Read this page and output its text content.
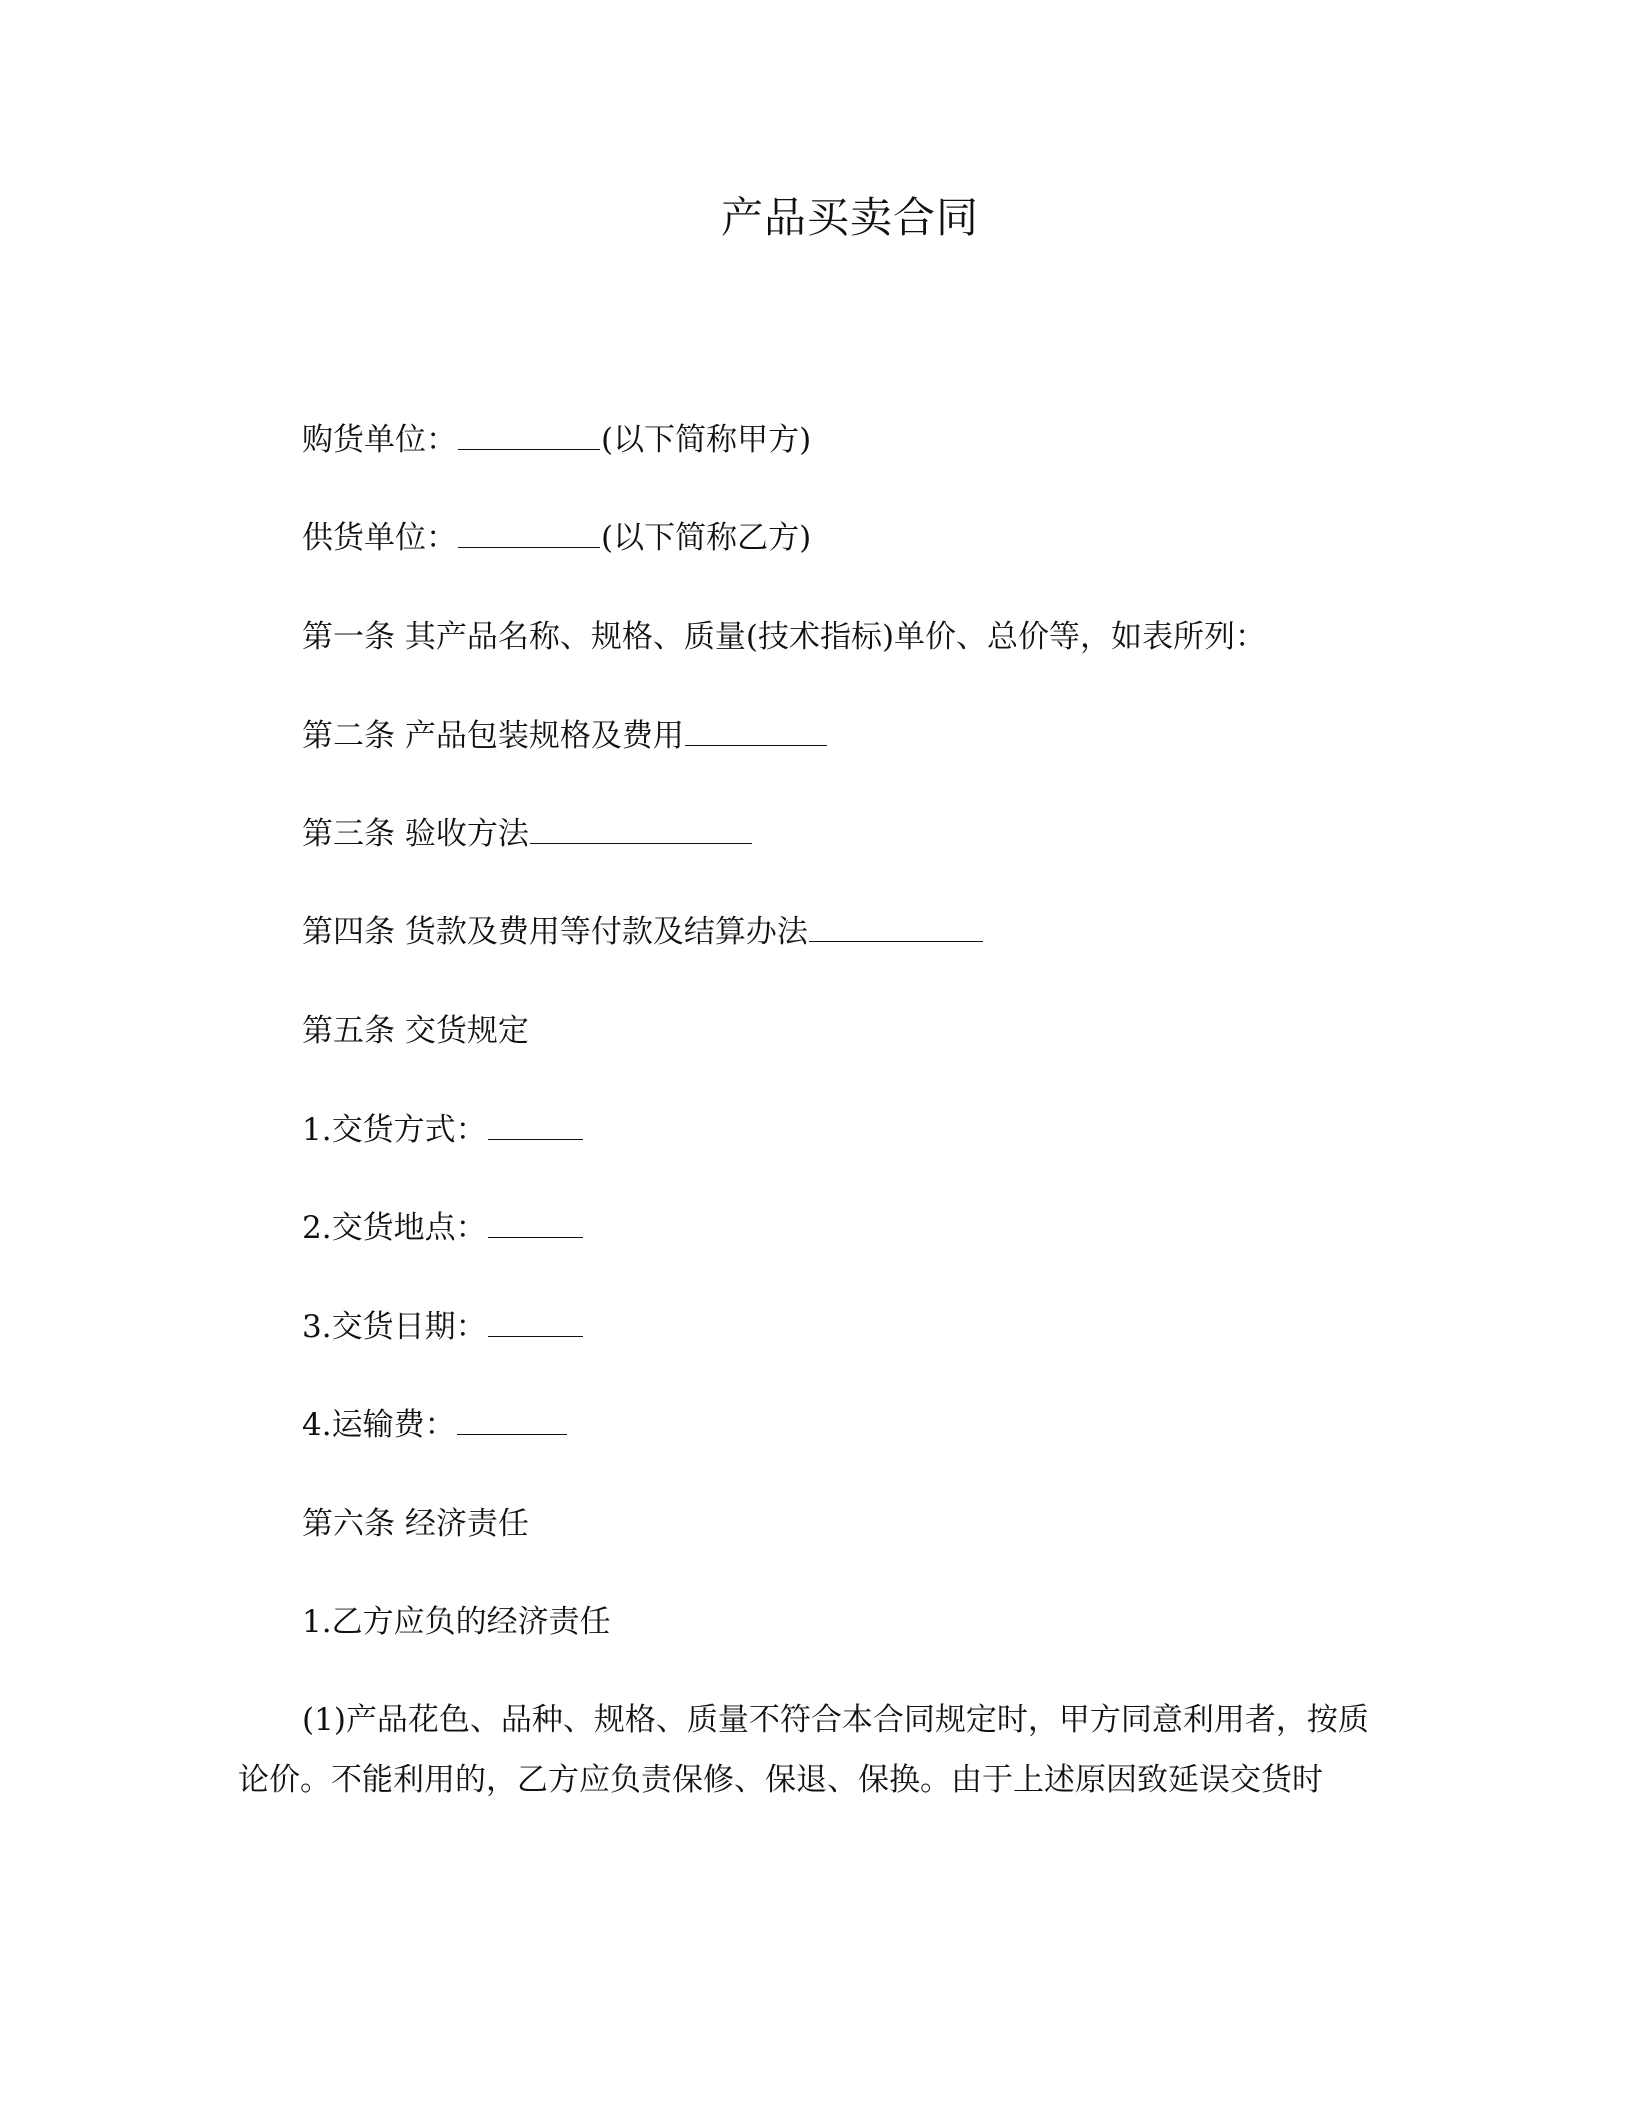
产品买卖合同
购货单位：	(以下简称甲方)
供货单位：	(以下简称乙方)
第一条 其产品名称、规格、质量(技术指标)单价、总价等，如表所列：
第二条 产品包装规格及费用
第三条 验收方法
第四条 货款及费用等付款及结算办法
第五条 交货规定
1.交货方式：
2.交货地点：
3.交货日期：
4.运输费：
第六条 经济责任
1.乙方应负的经济责任

(1)产品花色、品种、规格、质量不符合本合同规定时，甲方同意利用者，按质论价。不能利用的，乙方应负责保修、保退、保换。由于上述原因致延误交货时
